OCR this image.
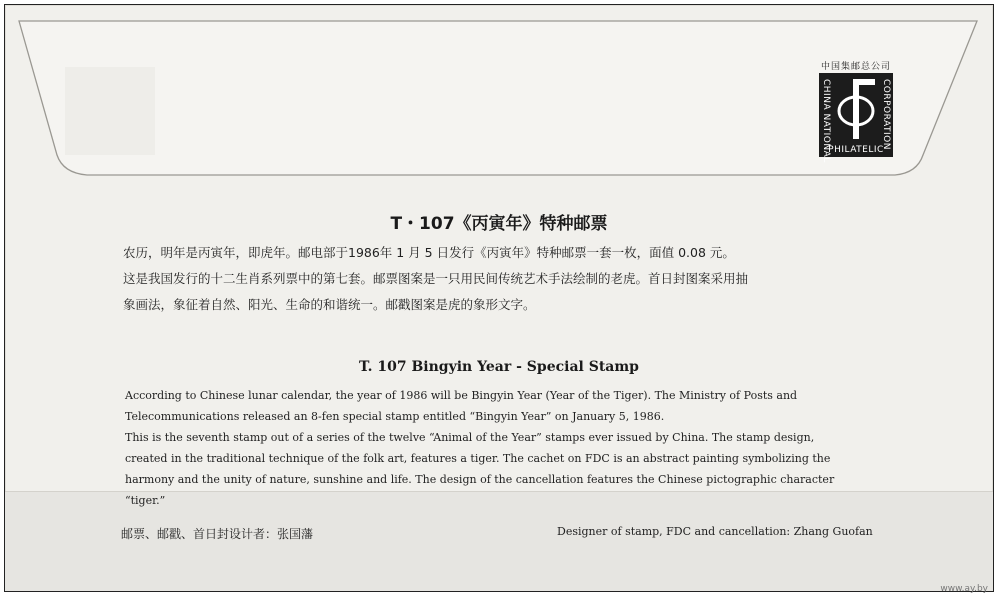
中国集邮总公司
CHINA NATIONAL	CORPORATION
PHILATELIC
T・107《丙寅年》特种邮票
农历，明年是丙寅年，即虎年。邮电部于1986年 1 月 5 日发行《丙寅年》特种邮票一套一枚，面值 0.08 元。
这是我国发行的十二生肖系列票中的第七套。邮票图案是一只用民间传统艺术手法绘制的老虎。首日封图案采用抽
象画法，象征着自然、阳光、生命的和谐统一。邮戳图案是虎的象形文字。
T. 107 Bingyin Year - Special Stamp
According to Chinese lunar calendar, the year of 1986 will be Bingyin Year (Year of the Tiger). The Ministry of Posts and
Telecommunications released an 8-fen special stamp entitled “Bingyin Year” on January 5, 1986.
This is the seventh stamp out of a series of the twelve “Animal of the Year” stamps ever issued by China. The stamp design,
created in the traditional technique of the folk art, features a tiger. The cachet on FDC is an abstract painting symbolizing the
harmony and the unity of nature, sunshine and life. The design of the cancellation features the Chinese pictographic character
“tiger.”
邮票、邮戳、首日封设计者：张国藩	Designer of stamp, FDC and cancellation: Zhang Guofan
www.ay.by
